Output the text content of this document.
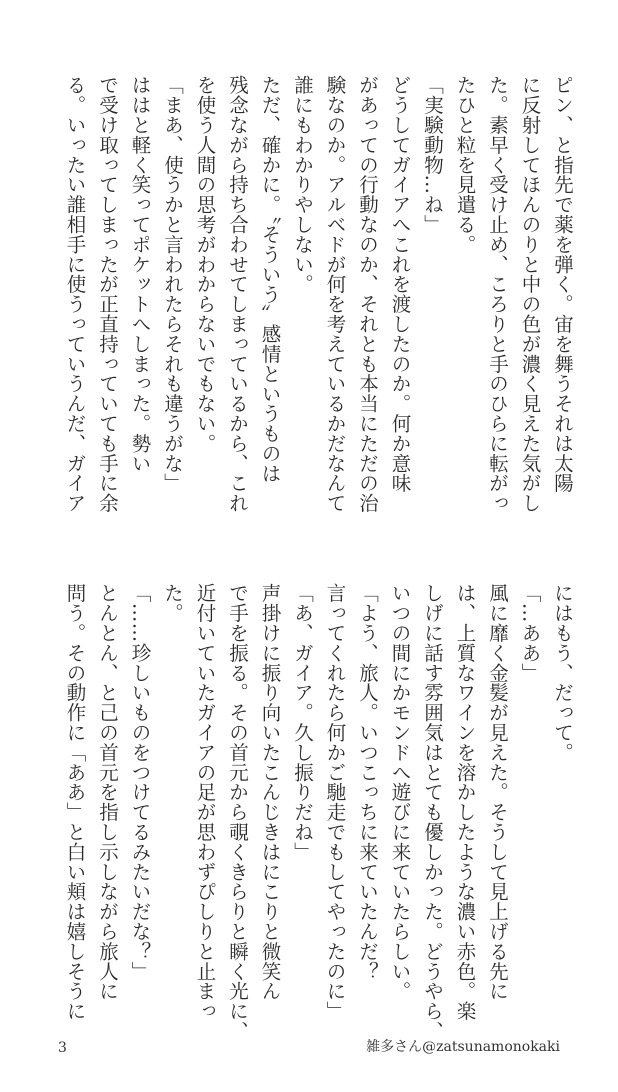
ピン、と指先で薬を弾く。宙を舞うそれは太陽
に反射してほんのりと中の色が濃く見えた気がし
た。素早く受け止め、ころりと手のひらに転がっ
たひと粒を見遣る。
「実験動物…ね」
どうしてガイアへこれを渡したのか。何か意味
があっての行動なのか、それとも本当にただの治
験なのか。アルベドが何を考えているかだなんて
誰にもわかりやしない。
ただ、確かに。〝そういう〟感情というものは
残念ながら持ち合わせてしまっているから、これ
を使う人間の思考がわからないでもない。
「まあ、使うかと言われたらそれも違うがな」
ははと軽く笑ってポケットへしまった。勢い
で受け取ってしまったが正直持っていても手に余
る。いったい誰相手に使うっていうんだ、ガイア
にはもう、だって。
「…ああ」
風に靡く金髪が見えた。そうして見上げる先に
は、上質なワインを溶かしたような濃い赤色。楽
しげに話す雰囲気はとても優しかった。どうやら、
いつの間にかモンドへ遊びに来ていたらしい。
「よう、旅人。いつこっちに来ていたんだ？
言ってくれたら何かご馳走でもしてやったのに」
「あ、ガイア。久し振りだね」
声掛けに振り向いたこんじきはにこりと微笑ん
で手を振る。その首元から覗くきらりと瞬く光に、
近付いていたガイアの足が思わずぴしりと止まっ
た。
「……珍しいものをつけてるみたいだな？」
とんとん、と己の首元を指し示しながら旅人に
問う。その動作に「ああ」と白い頬は嬉しそうに
3	雑多さん@zatsunamonokaki
